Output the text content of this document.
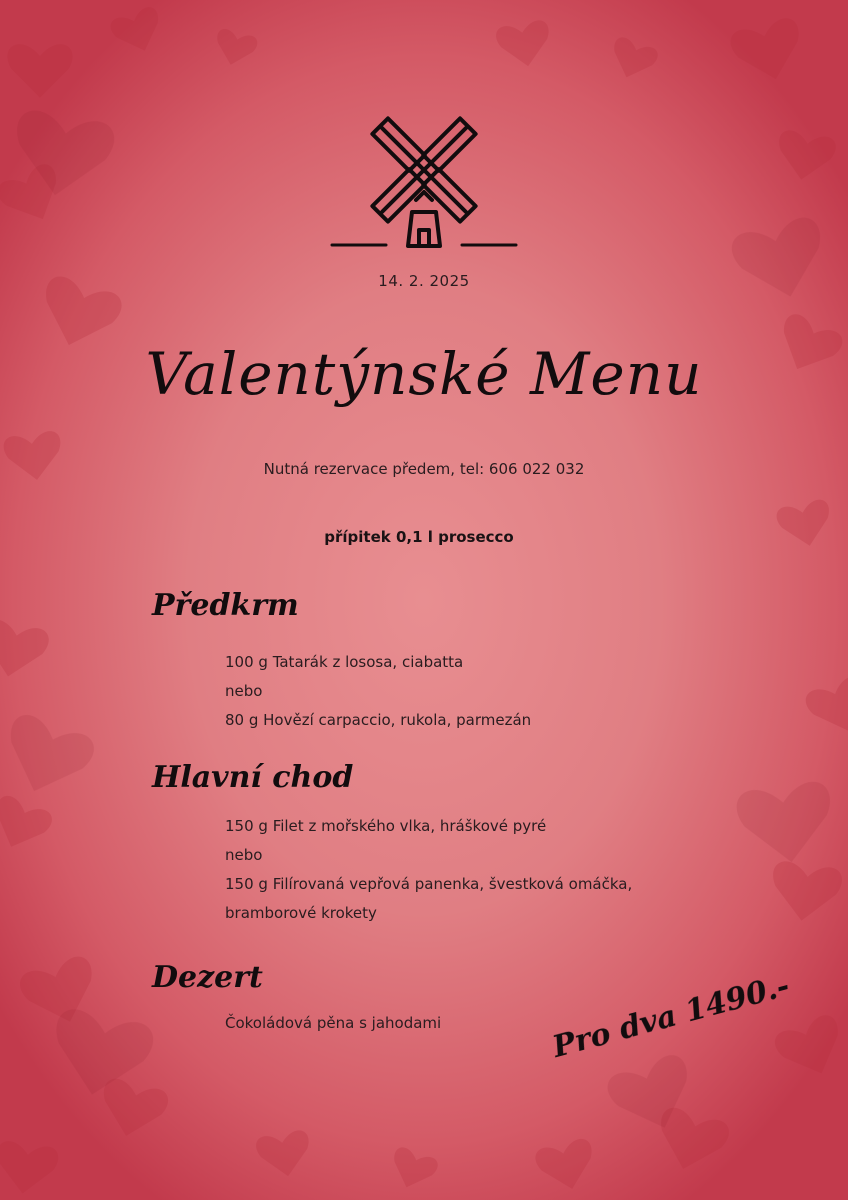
14. 2. 2025
Valentýnské Menu
Nutná rezervace předem, tel: 606 022 032
přípitek 0,1 l prosecco
Předkrm
100 g Tatarák z lososa, ciabatta
nebo
80 g Hovězí carpaccio, rukola, parmezán
Hlavní chod
150 g Filet z mořského vlka, hráškové pyré
nebo
150 g Filírovaná vepřová panenka, švestková omáčka,
bramborové krokety
Dezert
Čokoládová pěna s jahodami	Pro dva 1490.-
